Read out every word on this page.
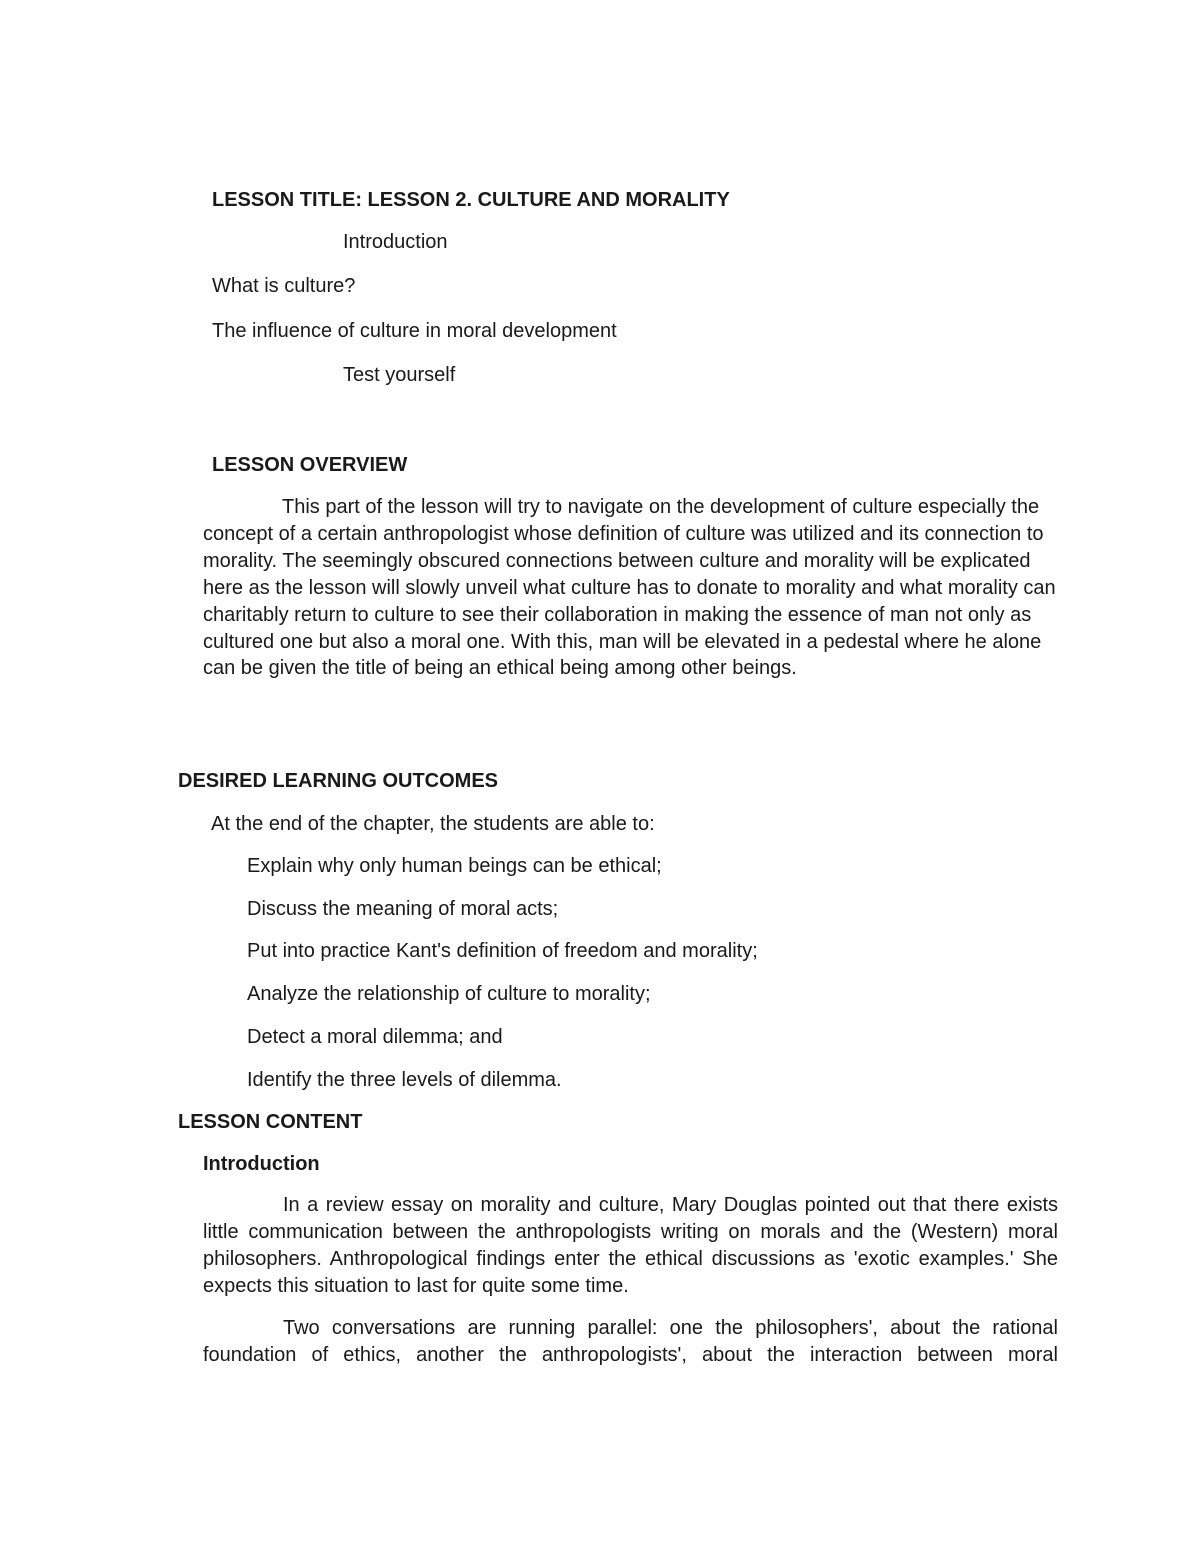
LESSON TITLE: LESSON 2. CULTURE AND MORALITY
Introduction
What is culture?
The influence of culture in moral development
Test yourself
LESSON OVERVIEW

This part of the lesson will try to navigate on the development of culture especially the concept of a certain anthropologist whose definition of culture was utilized and its connection to morality. The seemingly obscured connections between culture and morality will be explicated here as the lesson will slowly unveil what culture has to donate to morality and what morality can charitably return to culture to see their collaboration in making the essence of man not only as cultured one but also a moral one. With this, man will be elevated in a pedestal where he alone can be given the title of being an ethical being among other beings.

DESIRED LEARNING OUTCOMES
At the end of the chapter, the students are able to:
Explain why only human beings can be ethical;
Discuss the meaning of moral acts;
Put into practice Kant's definition of freedom and morality;
Analyze the relationship of culture to morality;
Detect a moral dilemma; and
Identify the three levels of dilemma.
LESSON CONTENT
Introduction

In a review essay on morality and culture, Mary Douglas pointed out that there exists little communication between the anthropologists writing on morals and the (Western) moral philosophers. Anthropological findings enter the ethical discussions as 'exotic examples.' She expects this situation to last for quite some time.

Two conversations are running parallel: one the philosophers', about the rational foundation of ethics, another the anthropologists', about the interaction between moral
